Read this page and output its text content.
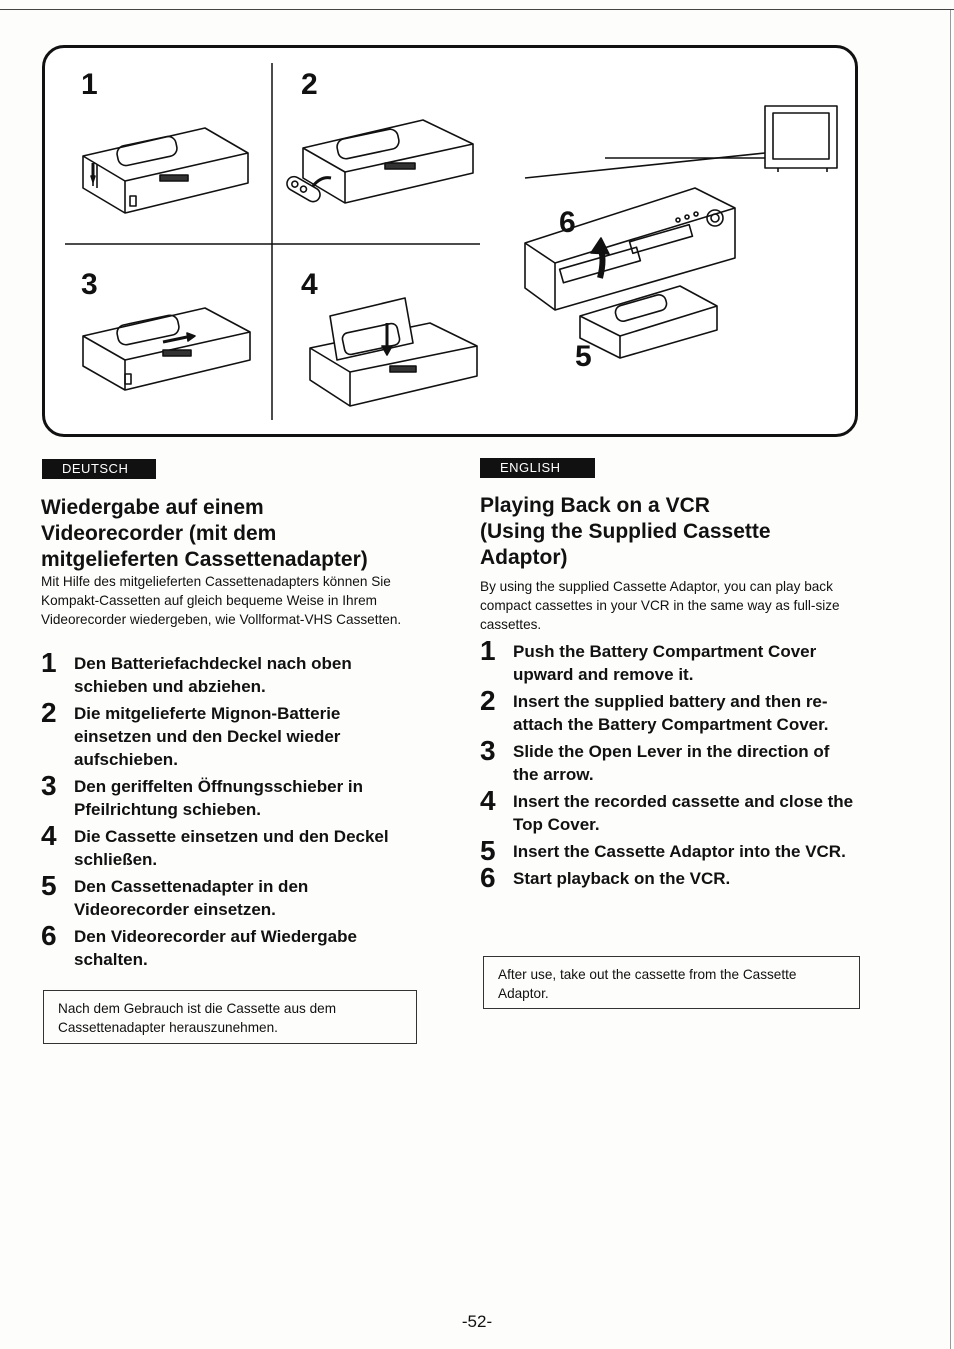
1	2
3	4
5
6
DEUTSCH
Wiedergabe auf einem
Videorecorder (mit dem
mitgelieferten Cassettenadapter)

Mit Hilfe des mitgelieferten Cassettenadapters können Sie Kompakt-Cassetten auf gleich bequeme Weise in Ihrem Videorecorder wiedergeben, wie Vollformat-VHS Cassetten.

1 Den Batteriefachdeckel nach oben schieben und abziehen.
2 Die mitgelieferte Mignon-Batterie einsetzen und den Deckel wieder aufschieben.
3 Den geriffelten Öffnungsschieber in Pfeilrichtung schieben.
4 Die Cassette einsetzen und den Deckel schließen.
5 Den Cassettenadapter in den Videorecorder einsetzen.
6 Den Videorecorder auf Wiedergabe schalten.
Nach dem Gebrauch ist die Cassette aus dem Cassettenadapter herauszunehmen.
ENGLISH
Playing Back on a VCR
(Using the Supplied Cassette
Adaptor)

By using the supplied Cassette Adaptor, you can play back compact cassettes in your VCR in the same way as full-size cassettes.

1 Push the Battery Compartment Cover upward and remove it.
2 Insert the supplied battery and then re-attach the Battery Compartment Cover.
3 Slide the Open Lever in the direction of the arrow.
4 Insert the recorded cassette and close the Top Cover.
5 Insert the Cassette Adaptor into the VCR.
6 Start playback on the VCR.
After use, take out the cassette from the Cassette Adaptor.
-52-
